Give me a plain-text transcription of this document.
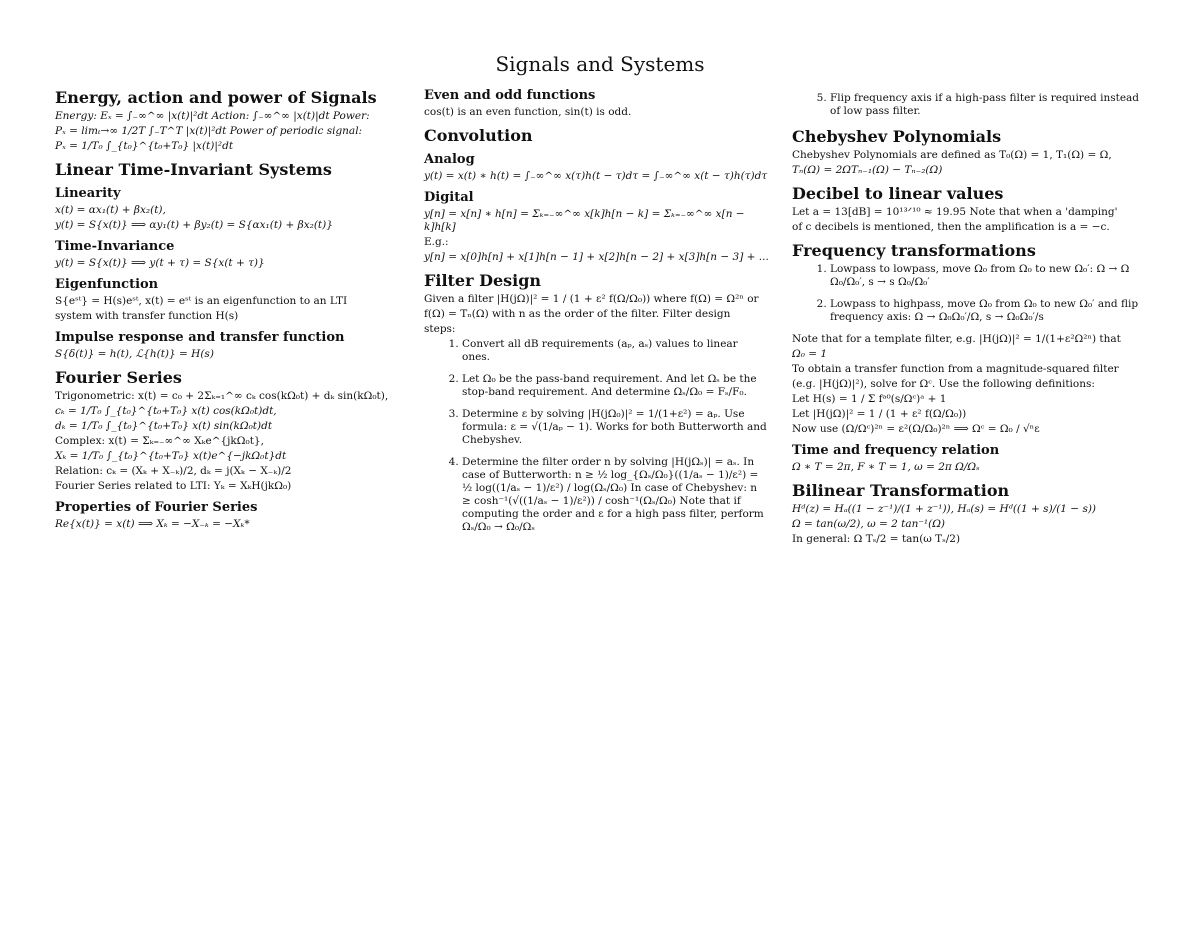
Signals and Systems
Energy, action and power of Signals

Energy: Eₓ = ∫₋∞^∞ |x(t)|²dt Action: ∫₋∞^∞ |x(t)|dt Power:

Pₓ = limₜ→∞ 1/2T ∫₋T^T |x(t)|²dt Power of periodic signal:

Pₓ = 1/T₀ ∫_{t₀}^{t₀+T₀} |x(t)|²dt

Linear Time-Invariant Systems
Linearity

x(t) = αx₁(t) + βx₂(t),

y(t) = S{x(t)} ⟹ αy₁(t) + βy₂(t) = S{αx₁(t) + βx₂(t)}

Time-Invariance

y(t) = S{x(t)} ⟹ y(t + τ) = S{x(t + τ)}

Eigenfunction

S{eˢᵗ} = H(s)eˢᵗ, x(t) = eˢᵗ is an eigenfunction to an LTI

system with transfer function H(s)

Impulse response and transfer function

S{δ(t)} = h(t), ℒ{h(t)} = H(s)

Fourier Series

Trigonometric: x(t) = c₀ + 2Σₖ₌₁^∞ cₖ cos(kΩ₀t) + dₖ sin(kΩ₀t),

cₖ = 1/T₀ ∫_{t₀}^{t₀+T₀} x(t) cos(kΩ₀t)dt,

dₖ = 1/T₀ ∫_{t₀}^{t₀+T₀} x(t) sin(kΩ₀t)dt

Complex: x(t) = Σₖ₌₋∞^∞ Xₖe^{jkΩ₀t},

Xₖ = 1/T₀ ∫_{t₀}^{t₀+T₀} x(t)e^{−jkΩ₀t}dt

Relation: cₖ = (Xₖ + X₋ₖ)/2, dₖ = j(Xₖ − X₋ₖ)/2

Fourier Series related to LTI: Yₖ = XₖH(jkΩ₀)

Properties of Fourier Series

Re{x(t)} = x(t) ⟹ Xₖ = −X₋ₖ = −Xₖ*

Even and odd functions

cos(t) is an even function, sin(t) is odd.

Convolution
Analog

y(t) = x(t) ∗ h(t) = ∫₋∞^∞ x(τ)h(t − τ)dτ = ∫₋∞^∞ x(t − τ)h(τ)dτ

Digital

y[n] = x[n] ∗ h[n] = Σₖ₌₋∞^∞ x[k]h[n − k] = Σₖ₌₋∞^∞ x[n − k]h[k]

E.g.:

y[n] = x[0]h[n] + x[1]h[n − 1] + x[2]h[n − 2] + x[3]h[n − 3] + ...

Filter Design

Given a filter |H(jΩ)|² = 1 / (1 + ε² f(Ω/Ω₀)) where f(Ω) = Ω²ⁿ or

f(Ω) = Tₙ(Ω) with n as the order of the filter. Filter design

steps:

1. Convert all dB requirements (aₚ, aₛ) values to linear ones.
2. Let Ω₀ be the pass-band requirement. And let Ωₛ be the stop-band requirement. And determine Ωₛ/Ω₀ = Fₛ/F₀.
3. Determine ε by solving |H(jΩ₀)|² = 1/(1+ε²) = aₚ. Use formula: ε = √(1/aₚ − 1). Works for both Butterworth and Chebyshev.
4. Determine the filter order n by solving |H(jΩₛ)| = aₛ. In case of Butterworth: n ≥ ½ log_{Ωₛ/Ω₀}((1/aₛ − 1)/ε²) = ½ log((1/aₛ − 1)/ε²) / log(Ωₛ/Ω₀) In case of Chebyshev: n ≥ cosh⁻¹(√((1/aₛ − 1)/ε²)) / cosh⁻¹(Ωₛ/Ω₀) Note that if computing the order and ε for a high pass filter, perform Ωₛ/Ω₀ → Ω₀/Ωₛ
5. Flip frequency axis if a high-pass filter is required instead of low pass filter.
Chebyshev Polynomials

Chebyshev Polynomials are defined as T₀(Ω) = 1, T₁(Ω) = Ω,

Tₙ(Ω) = 2ΩTₙ₋₁(Ω) − Tₙ₋₂(Ω)

Decibel to linear values

Let a = 13[dB] = 10¹³ᐟ¹⁰ ≈ 19.95 Note that when a 'damping'

of c decibels is mentioned, then the amplification is a = −c.

Frequency transformations
1. Lowpass to lowpass, move Ω₀ from Ω₀ to new Ω₀′: Ω → Ω Ω₀/Ω₀′, s → s Ω₀/Ω₀′
2. Lowpass to highpass, move Ω₀ from Ω₀ to new Ω₀′ and flip frequency axis: Ω → Ω₀Ω₀′/Ω, s → Ω₀Ω₀′/s

Note that for a template filter, e.g. |H(jΩ)|² = 1/(1+ε²Ω²ⁿ) that

Ω₀ = 1

To obtain a transfer function from a magnitude-squared filter

(e.g. |H(jΩ)|²), solve for Ωᶜ. Use the following definitions:

Let H(s) = 1 / Σ fᵃ⁰(s/Ωᶜ)ᵃ + 1

Let |H(jΩ)|² = 1 / (1 + ε² f(Ω/Ω₀))

Now use (Ω/Ωᶜ)²ⁿ = ε²(Ω/Ω₀)²ⁿ ⟹ Ωᶜ = Ω₀ / √ⁿε

Time and frequency relation

Ω ∗ T = 2π, F ∗ T = 1, ω = 2π Ω/Ωₛ

Bilinear Transformation

Hᵈ(z) = Hₐ((1 − z⁻¹)/(1 + z⁻¹)), Hₐ(s) = Hᵈ((1 + s)/(1 − s))

Ω = tan(ω/2), ω = 2 tan⁻¹(Ω)

In general: Ω Tₛ/2 = tan(ω Tₛ/2)
